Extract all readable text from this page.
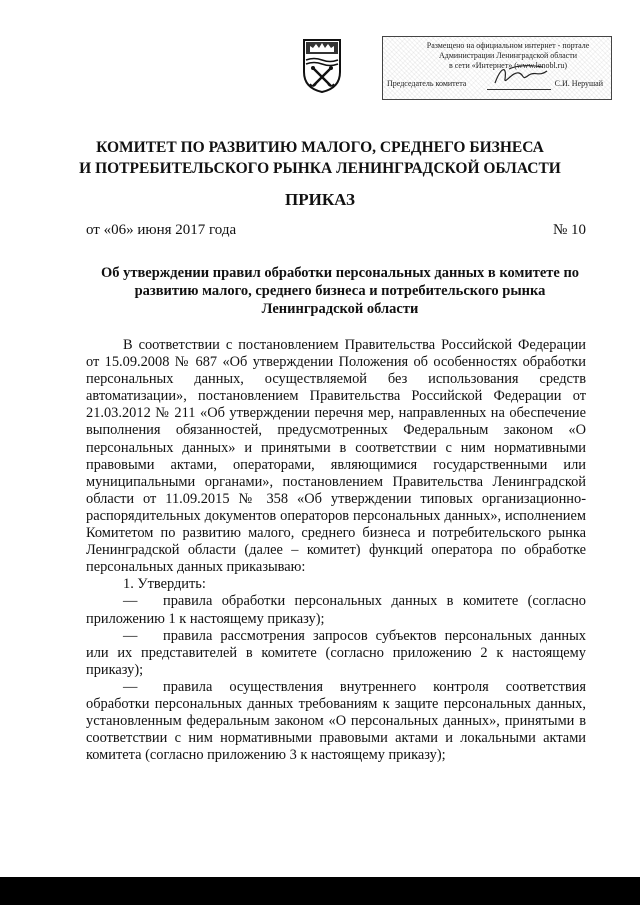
Размещено на официальном интернет - портале
Администрации Ленинградской области
в сети «Интернет» (www.lenobl.ru)
Председатель комитета	С.И. Нерушай
КОМИТЕТ ПО РАЗВИТИЮ МАЛОГО, СРЕДНЕГО БИЗНЕСА
И ПОТРЕБИТЕЛЬСКОГО РЫНКА ЛЕНИНГРАДСКОЙ ОБЛАСТИ
ПРИКАЗ
от «06» июня 2017 года	№ 10
Об утверждении правил обработки персональных данных в комитете по
развитию малого, среднего бизнеса и потребительского рынка
Ленинградской области

В соответствии с постановлением Правительства Российской Федерации от 15.09.2008 № 687 «Об утверждении Положения об особенностях обработки персональных данных, осуществляемой без использования средств автоматизации», постановлением Правительства Российской Федерации от 21.03.2012 № 211 «Об утверждении перечня мер, направленных на обеспечение выполнения обязанностей, предусмотренных Федеральным законом «О персональных данных» и принятыми в соответствии с ним нормативными правовыми актами, операторами, являющимися государственными или муниципальными органами», постановлением Правительства Ленинградской области от 11.09.2015 № 358 «Об утверждении типовых организационно-распорядительных документов операторов персональных данных», исполнением Комитетом по развитию малого, среднего бизнеса и потребительского рынка Ленинградской области (далее – комитет) функций оператора по обработке персональных данных приказываю:

1. Утвердить:

— правила обработки персональных данных в комитете (согласно приложению 1 к настоящему приказу);

— правила рассмотрения запросов субъектов персональных данных или их представителей в комитете (согласно приложению 2 к настоящему приказу);

— правила осуществления внутреннего контроля соответствия обработки персональных данных требованиям к защите персональных данных, установленным федеральным законом «О персональных данных», принятыми в соответствии с ним нормативными правовыми актами и локальными актами комитета (согласно приложению 3 к настоящему приказу);
